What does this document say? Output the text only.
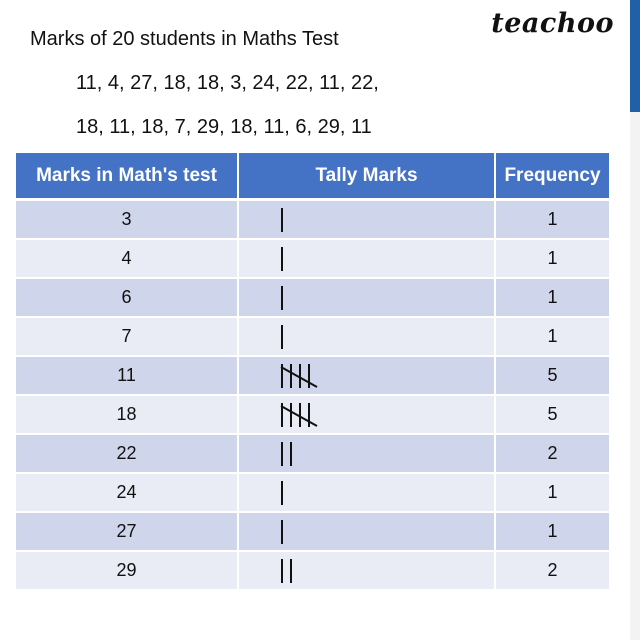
teachoo
Marks of 20 students in Maths Test
11, 4, 27, 18, 18, 3, 24, 22, 11, 22,
18, 11, 18, 7, 29, 18, 11, 6, 29, 11
Marks in Math's test	Tally Marks	Frequency
3		1
4		1
6		1
7		1
11		5
18		5
22		2
24		1
27		1
29		2
